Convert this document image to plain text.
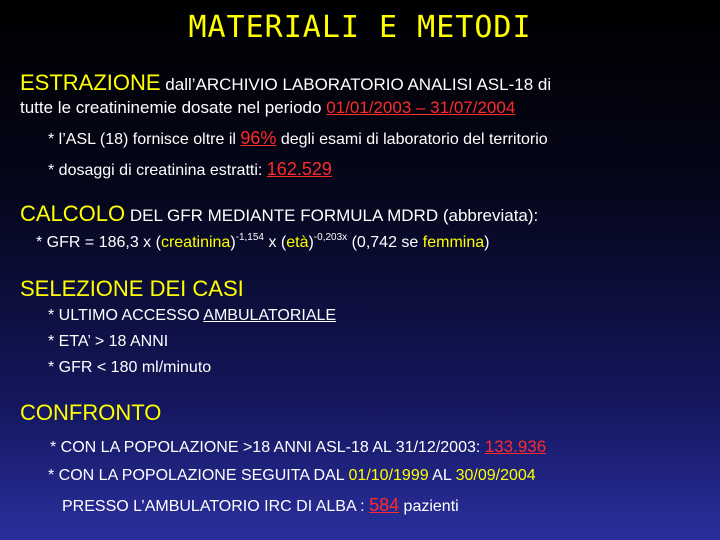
MATERIALI E METODI
ESTRAZIONE dall’ARCHIVIO LABORATORIO ANALISI ASL-18 di
tutte le creatininemie dosate nel periodo 01/01/2003 – 31/07/2004
* l’ASL (18) fornisce oltre il 96% degli esami di laboratorio del territorio
* dosaggi di creatinina estratti: 162.529
CALCOLO DEL GFR MEDIANTE FORMULA MDRD (abbreviata):
* GFR = 186,3 x (creatinina)$^{-1,154}$ x (età)$^{-0,203x}$ (0,742 se femmina)
SELEZIONE DEI CASI
* ULTIMO ACCESSO AMBULATORIALE
* ETA’ > 18 ANNI
* GFR < 180 ml/minuto
CONFRONTO
* CON LA POPOLAZIONE >18 ANNI ASL-18 AL 31/12/2003: 133.936
* CON LA POPOLAZIONE SEGUITA DAL 01/10/1999 AL 30/09/2004
PRESSO L’AMBULATORIO IRC DI ALBA : 584 pazienti
